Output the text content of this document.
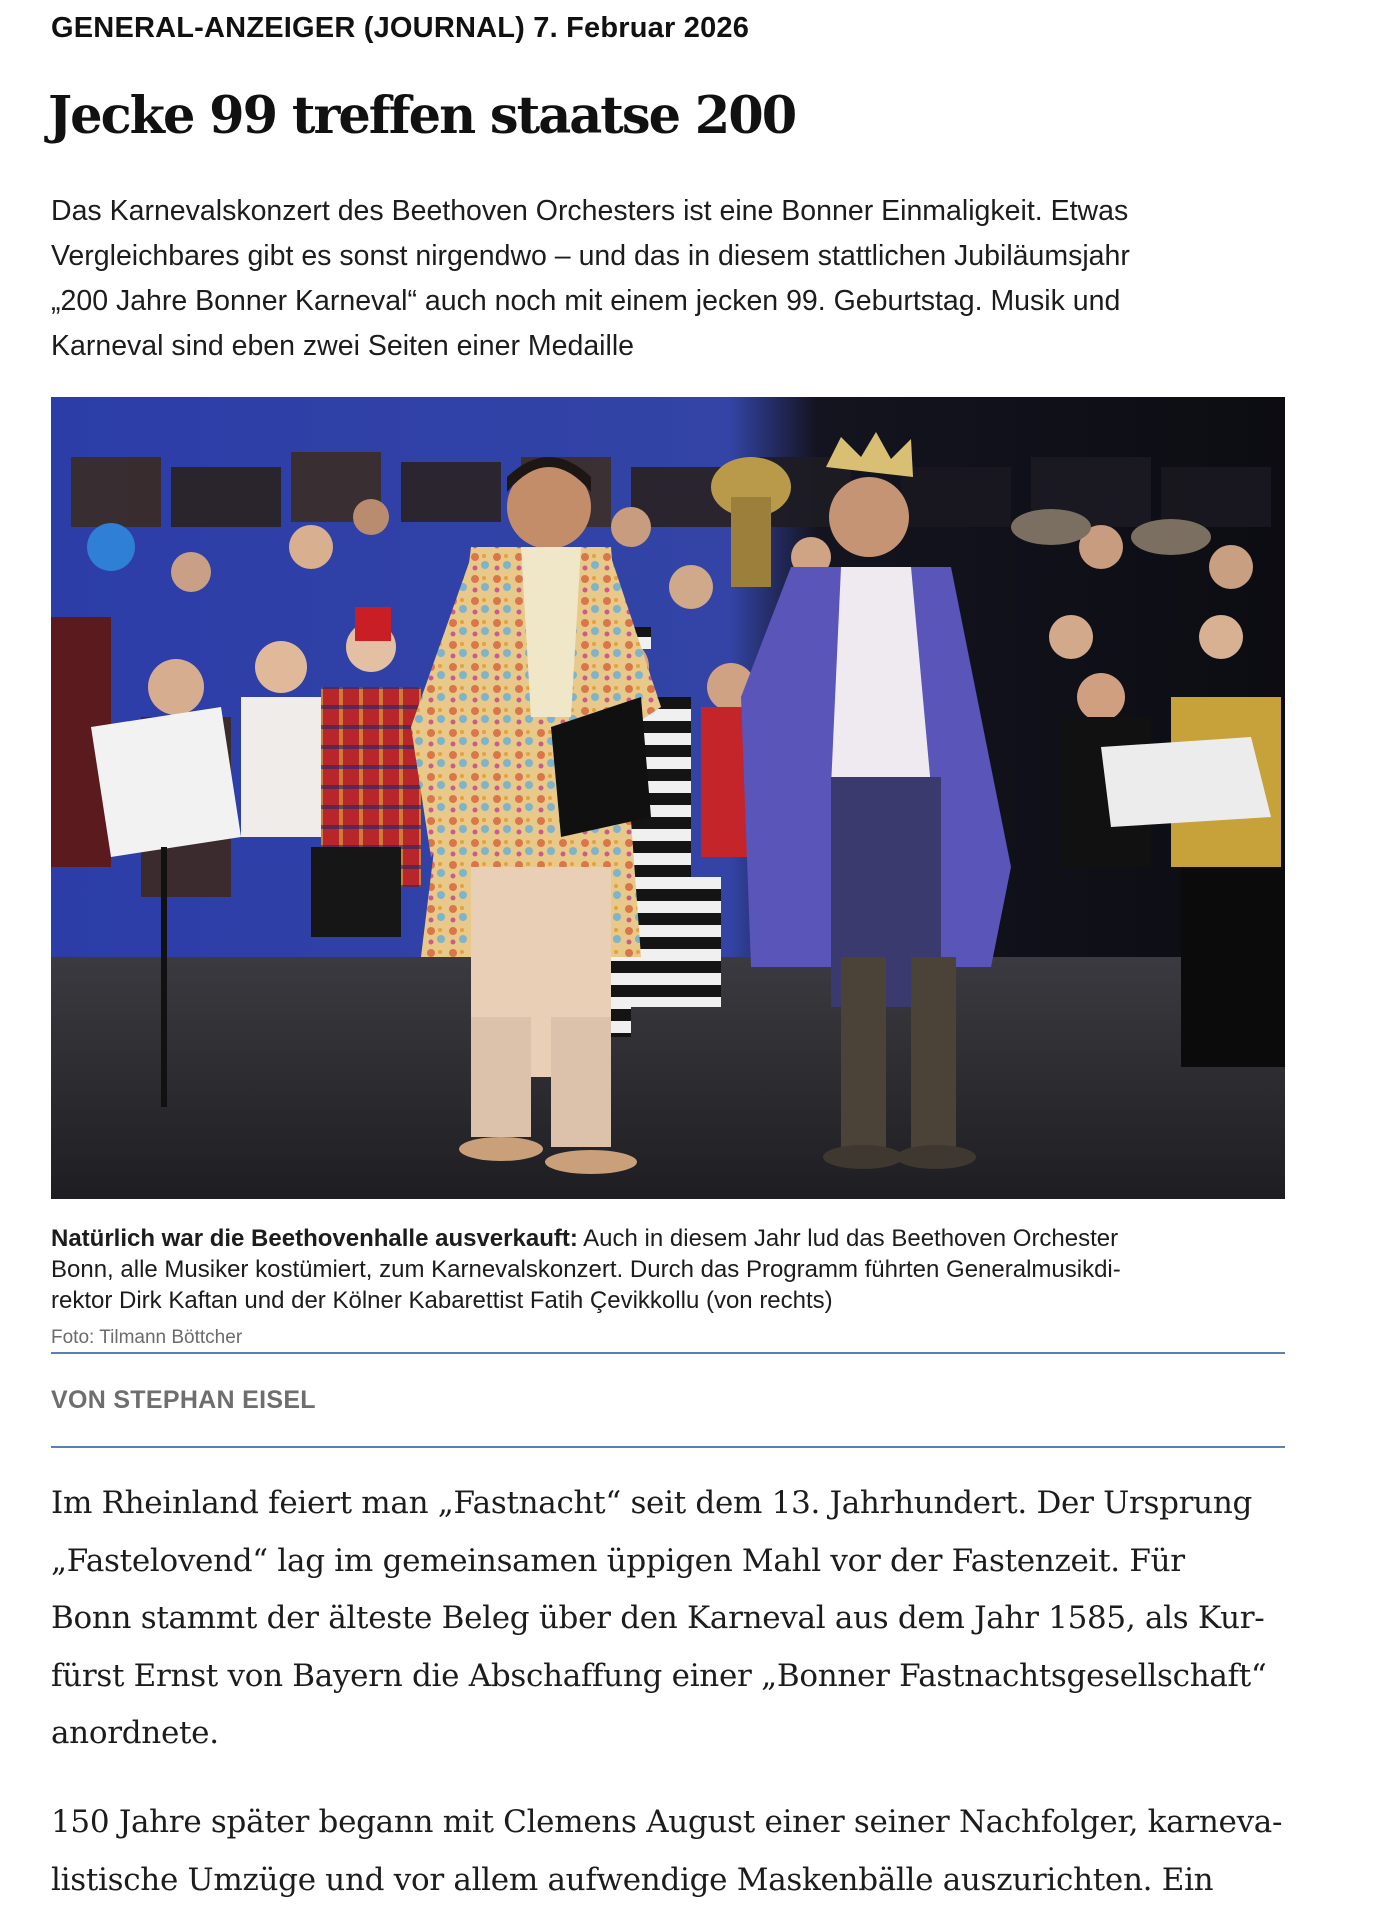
GENERAL-ANZEIGER (JOURNAL) 7. Februar 2026
Jecke 99 treffen staatse 200

Das Karnevalskonzert des Beethoven Orchesters ist eine Bonner Einmaligkeit. Etwas
Vergleichbares gibt es sonst nirgendwo – und das in diesem stattlichen Jubiläumsjahr
„200 Jahre Bonner Karneval“ auch noch mit einem jecken 99. Geburtstag. Musik und
Karneval sind eben zwei Seiten einer Medaille

Natürlich war die Beethovenhalle ausverkauft: Auch in diesem Jahr lud das Beethoven Orchester
Bonn, alle Musiker kostümiert, zum Karnevalskonzert. Durch das Programm führten Generalmusikdi-
rektor Dirk Kaftan und der Kölner Kabarettist Fatih Çevikkollu (von rechts)

Foto: Tilmann Böttcher
VON STEPHAN EISEL

Im Rheinland feiert man „Fastnacht“ seit dem 13. Jahrhundert. Der Ursprung
„Fastelovend“ lag im gemeinsamen üppigen Mahl vor der Fastenzeit. Für
Bonn stammt der älteste Beleg über den Karneval aus dem Jahr 1585, als Kur-
fürst Ernst von Bayern die Abschaffung einer „Bonner Fastnachtsgesellschaft“
anordnete.

150 Jahre später begann mit Clemens August einer seiner Nachfolger, karneva-
listische Umzüge und vor allem aufwendige Maskenbälle auszurichten. Ein
